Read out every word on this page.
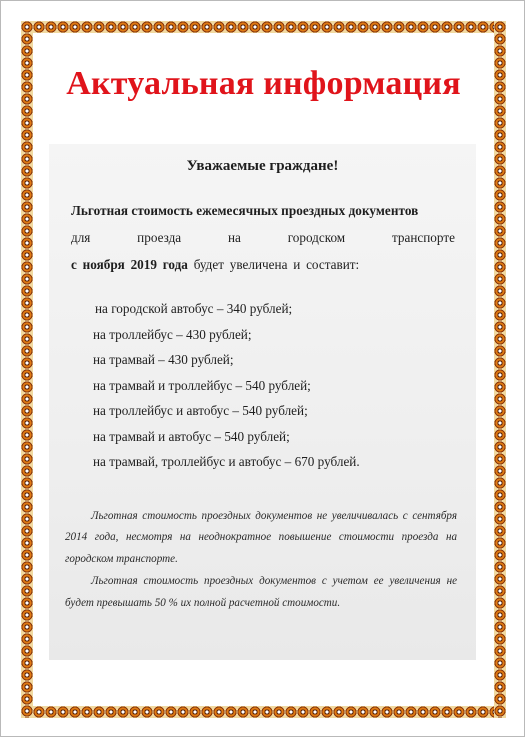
Актуальная информация
Уважаемые граждане!
Льготная стоимость ежемесячных проездных документов
для	проезда	на	городском	транспорте
с ноября 2019 года будет увеличена и составит:
на городской автобус – 340 рублей;
на троллейбус – 430 рублей;
на трамвай – 430 рублей;
на трамвай и троллейбус – 540 рублей;
на троллейбус и автобус – 540 рублей;
на трамвай и автобус – 540 рублей;
на трамвай, троллейбус и автобус – 670 рублей.

Льготная стоимость проездных документов не увеличивалась с сентября 2014 года, несмотря на неоднократное повышение стоимости проезда на городском транспорте.

Льготная стоимость проездных документов с учетом ее увеличения не будет превышать 50 % их полной расчетной стоимости.
